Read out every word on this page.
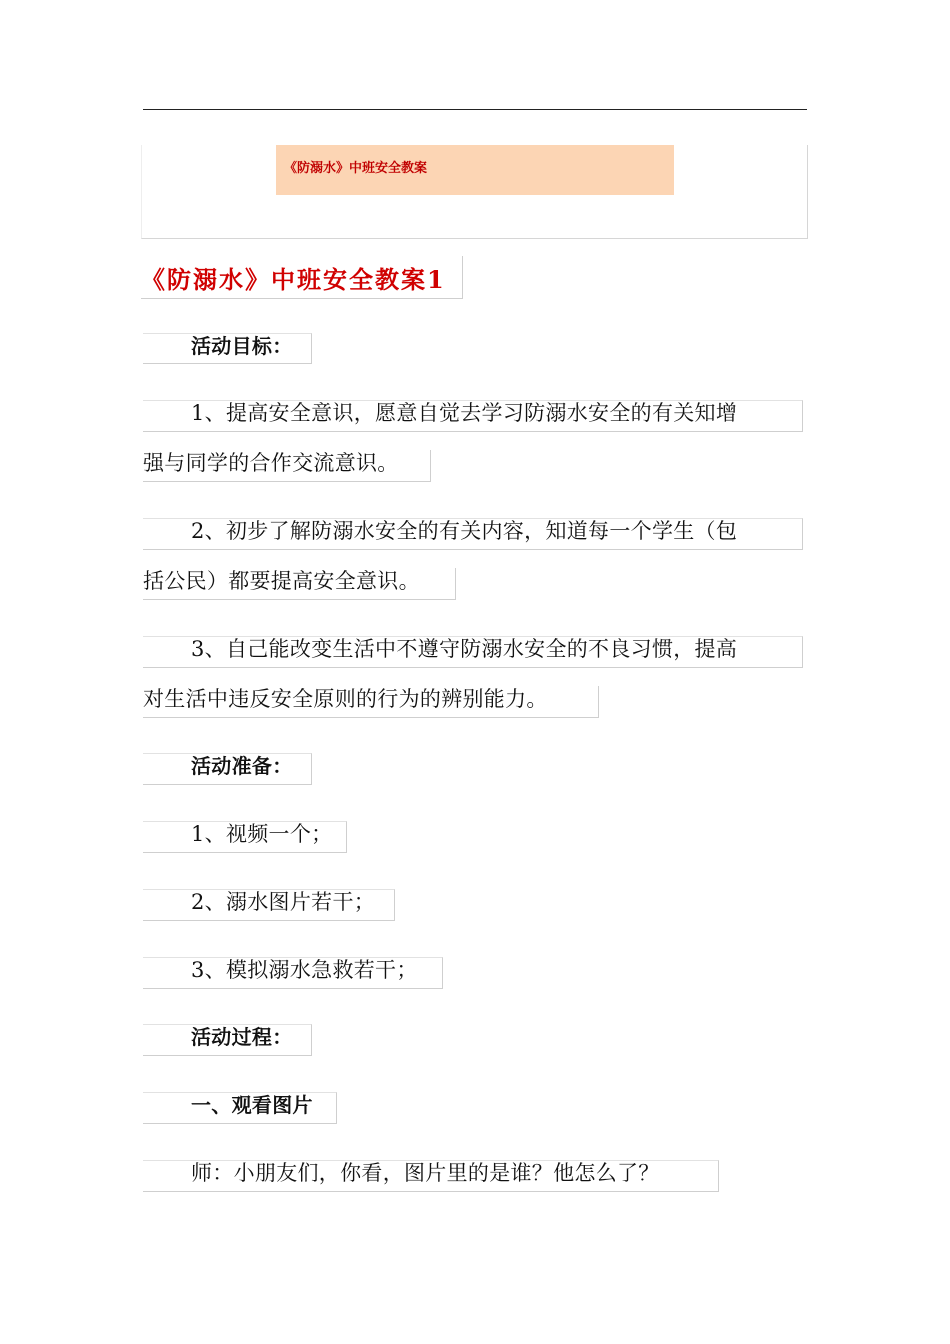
《防溺水》中班安全教案
《防溺水》中班安全教案1
活动目标：
1、提高安全意识，愿意自觉去学习防溺水安全的有关知增
强与同学的合作交流意识。
2、初步了解防溺水安全的有关内容，知道每一个学生（包
括公民）都要提高安全意识。
3、自己能改变生活中不遵守防溺水安全的不良习惯，提高
对生活中违反安全原则的行为的辨别能力。
活动准备：
1、视频一个；
2、溺水图片若干；
3、模拟溺水急救若干；
活动过程：
一、观看图片
师：小朋友们，你看，图片里的是谁？他怎么了？
